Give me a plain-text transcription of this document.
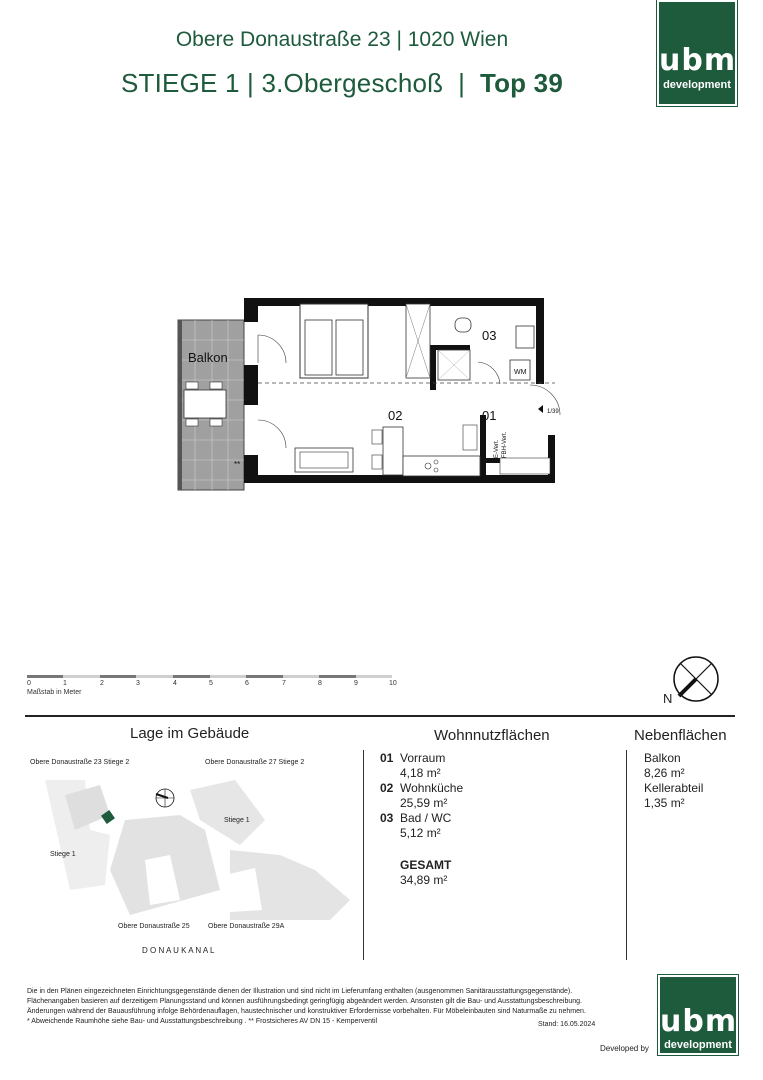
Obere Donaustraße 23 | 1020 Wien
STIEGE 1 | 3.Obergeschoß | Top 39
ubm
development
WM
Balkon
02	01
03
1/39
**
E-Vert. FBH-Vert.
0	1	2	3	4	5	6	7	8	9	10
Maßstab in Meter	N
Lage im Gebäude
Obere Donaustraße 23 Stiege 2	Obere Donaustraße 27 Stiege 2
Stiege 1
Stiege 1
Obere Donaustraße 25	Obere Donaustraße 29A
D O N A U K A N A L
Wohnnutzflächen
01 Vorraum
4,18 m²
02 Wohnküche
25,59 m²
03 Bad / WC
5,12 m²
GESAMT
34,89 m²
Nebenflächen
Balkon
8,26 m²
Kellerabteil
1,35 m²
Die in den Plänen eingezeichneten Einrichtungsgegenstände dienen der Illustration und sind nicht im Lieferumfang enthalten (ausgenommen Sanitärausstattungsgegenstände).
Flächenangaben basieren auf derzeitigem Planungsstand und können ausführungsbedingt geringfügig abgeändert werden. Ansonsten gilt die Bau- und Ausstattungsbeschreibung.
Änderungen während der Bauausführung infolge Behördenauflagen, haustechnischer und konstruktiver Erfordernisse vorbehalten. Für Möbeleinbauten sind Naturmaße zu nehmen.
* Abweichende Raumhöhe siehe Bau- und Ausstattungsbeschreibung . ** Frostsicheres AV DN 15 - Kemperventil	Stand: 16.05.2024
Developed by
ubm
development
